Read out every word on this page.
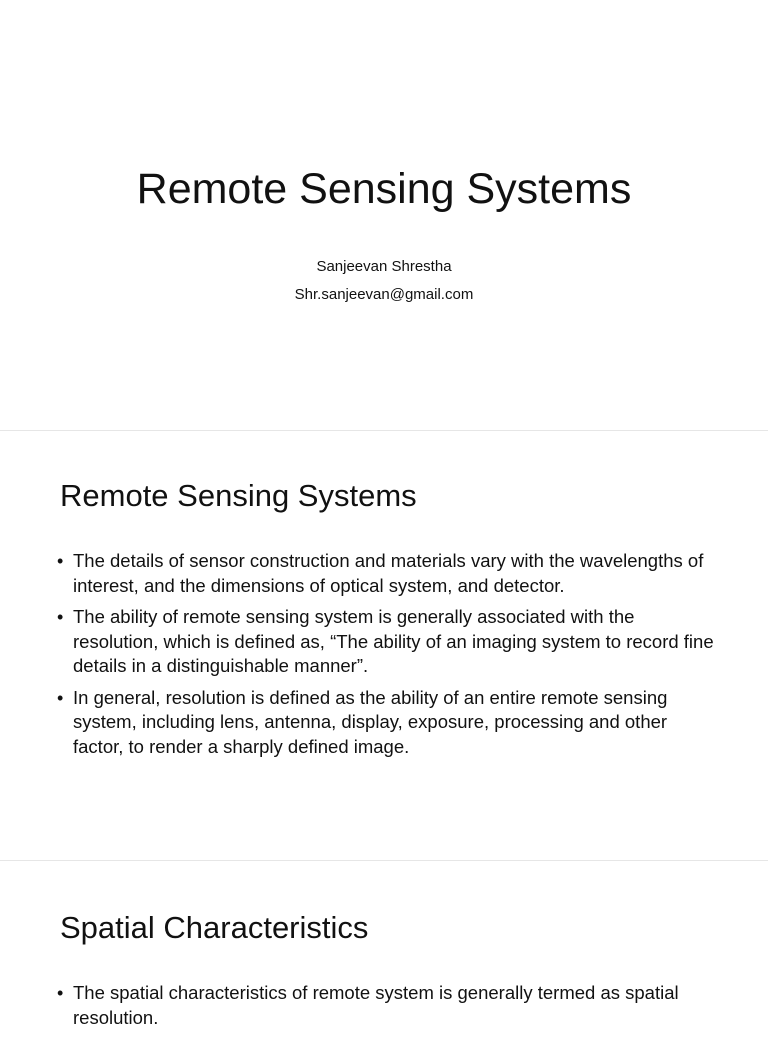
Remote Sensing Systems

Sanjeevan Shrestha

Shr.sanjeevan@gmail.com

Remote Sensing Systems
• The details of sensor construction and materials vary with the wavelengths of interest, and the dimensions of optical system, and detector.
• The ability of remote sensing system is generally associated with the resolution, which is defined as, “The ability of an imaging system to record fine details in a distinguishable manner”.
• In general, resolution is defined as the ability of an entire remote sensing system, including lens, antenna, display, exposure, processing and other factor, to render a sharply defined image.
Spatial Characteristics
• The spatial characteristics of remote system is generally termed as spatial resolution.
